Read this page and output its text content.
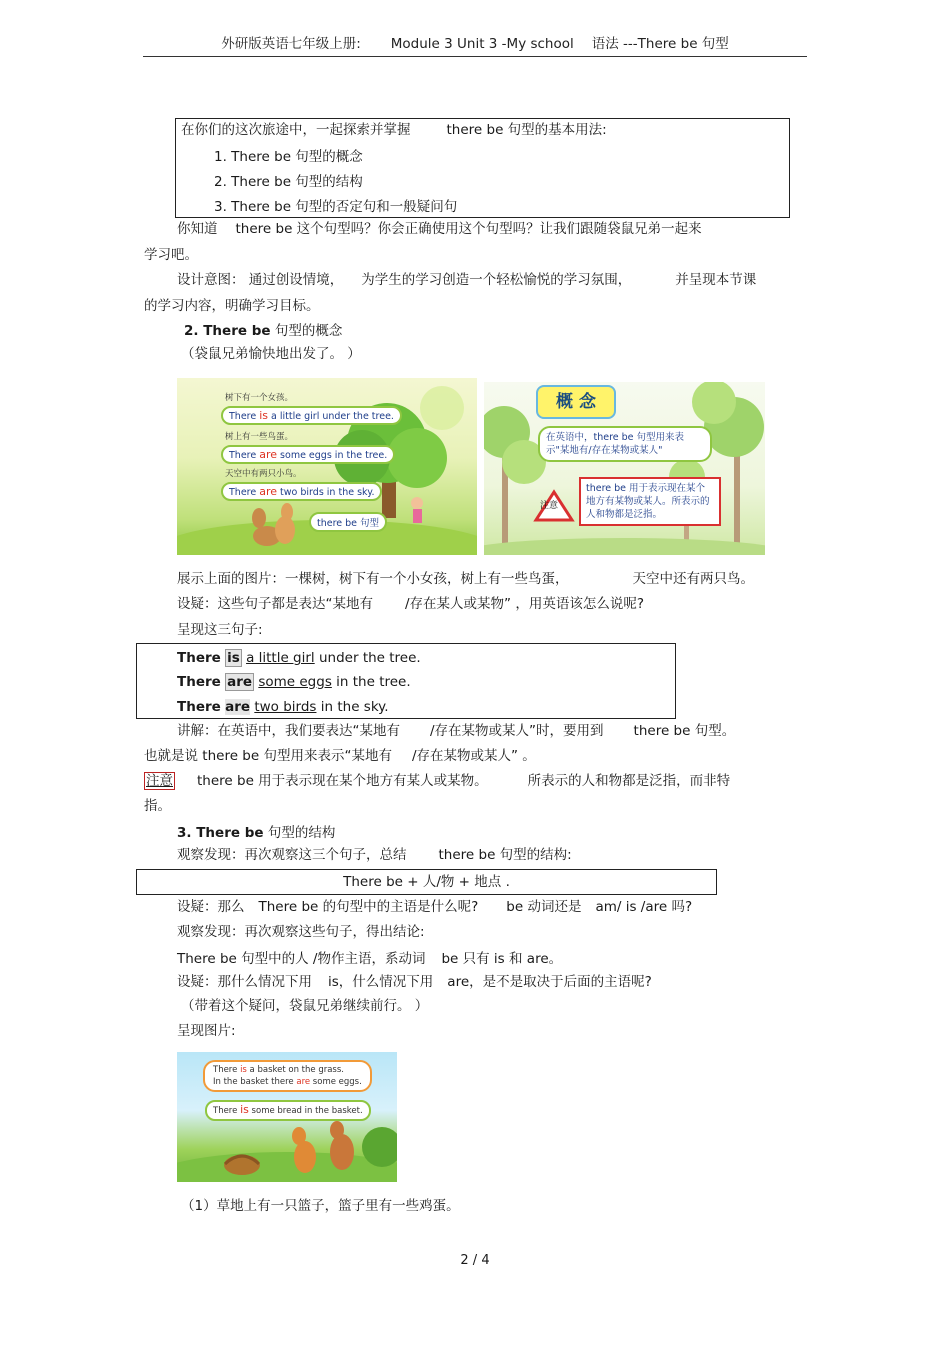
外研版英语七年级上册: Module 3 Unit 3 -My school 语法 ---There be 句型
在你们的这次旅途中，一起探索并掌握	there be 句型的基本用法:
1. There be 句型的概念
2. There be 句型的结构
3. There be 句型的否定句和一般疑问句
你知道 there be 这个句型吗？你会正确使用这个句型吗？让我们跟随袋鼠兄弟一起来
学习吧。
设计意图： 通过创设情境， 为学生的学习创造一个轻松愉悦的学习氛围，	并呈现本节课
的学习内容，明确学习目标。
2. There be 句型的概念
（袋鼠兄弟愉快地出发了。 ）
树下有一个女孩。
There is a little girl under the tree.
树上有一些鸟蛋。
There are some eggs in the tree.
天空中有两只小鸟。
There are two birds in the sky.
there be 句型
概 念
在英语中，there be 句型用来表示"某地有/存在某物或某人"
注意
there be 用于表示现在某个地方有某物或某人。所表示的人和物都是泛指。
展示上面的图片：一棵树，树下有一个小女孩，树上有一些鸟蛋，	天空中还有两只鸟。
设疑：这些句子都是表达“某地有 /存在某人或某物” ，用英语该怎么说呢?
呈现这三句子:
There is a little girl under the tree.
There are some eggs in the tree.
There are two birds in the sky.
讲解：在英语中，我们要表达“某地有 /存在某物或某人”时，要用到 there be 句型。
也就是说 there be 句型用来表示“某地有 /存在某物或某人” 。
注意 there be 用于表示现在某个地方有某人或某物。	所表示的人和物都是泛指，而非特
指。
3. There be 句型的结构
观察发现：再次观察这三个句子，总结 there be 句型的结构:
There be + 人/物 + 地点 .
设疑：那么 There be 的句型中的主语是什么呢? be 动词还是 am/ is /are 吗?
观察发现：再次观察这些句子，得出结论:
There be 句型中的人 /物作主语，系动词 be 只有 is 和 are。
设疑：那什么情况下用 is，什么情况下用 are，是不是取决于后面的主语呢?
（带着这个疑问，袋鼠兄弟继续前行。 ）
呈现图片:
There is a basket on the grass.
In the basket there are some eggs.
There is some bread in the basket.
（1）草地上有一只篮子，篮子里有一些鸡蛋。
2 / 4
